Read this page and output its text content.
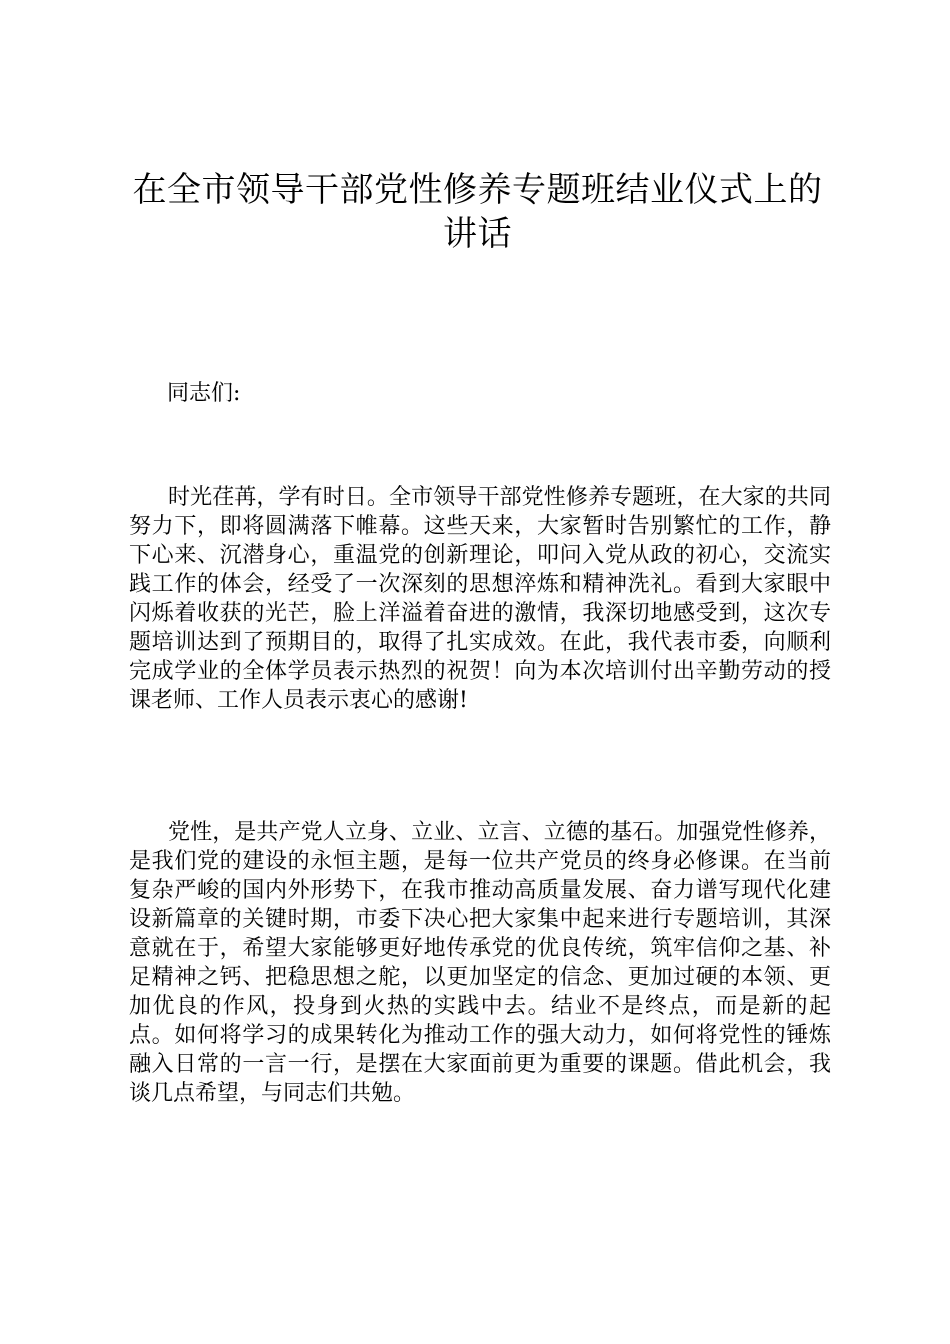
在全市领导干部党性修养专题班结业仪式上的讲话

同志们:

时光荏苒，学有时日。全市领导干部党性修养专题班，在大家的共同努力下，即将圆满落下帷幕。这些天来，大家暂时告别繁忙的工作，静下心来、沉潜身心，重温党的创新理论，叩问入党从政的初心，交流实践工作的体会，经受了一次深刻的思想淬炼和精神洗礼。看到大家眼中闪烁着收获的光芒，脸上洋溢着奋进的激情，我深切地感受到，这次专题培训达到了预期目的，取得了扎实成效。在此，我代表市委，向顺利完成学业的全体学员表示热烈的祝贺！向为本次培训付出辛勤劳动的授课老师、工作人员表示衷心的感谢!

党性，是共产党人立身、立业、立言、立德的基石。加强党性修养，是我们党的建设的永恒主题，是每一位共产党员的终身必修课。在当前复杂严峻的国内外形势下，在我市推动高质量发展、奋力谱写现代化建设新篇章的关键时期，市委下决心把大家集中起来进行专题培训，其深意就在于，希望大家能够更好地传承党的优良传统，筑牢信仰之基、补足精神之钙、把稳思想之舵，以更加坚定的信念、更加过硬的本领、更加优良的作风，投身到火热的实践中去。结业不是终点，而是新的起点。如何将学习的成果转化为推动工作的强大动力，如何将党性的锤炼融入日常的一言一行，是摆在大家面前更为重要的课题。借此机会，我谈几点希望，与同志们共勉。
